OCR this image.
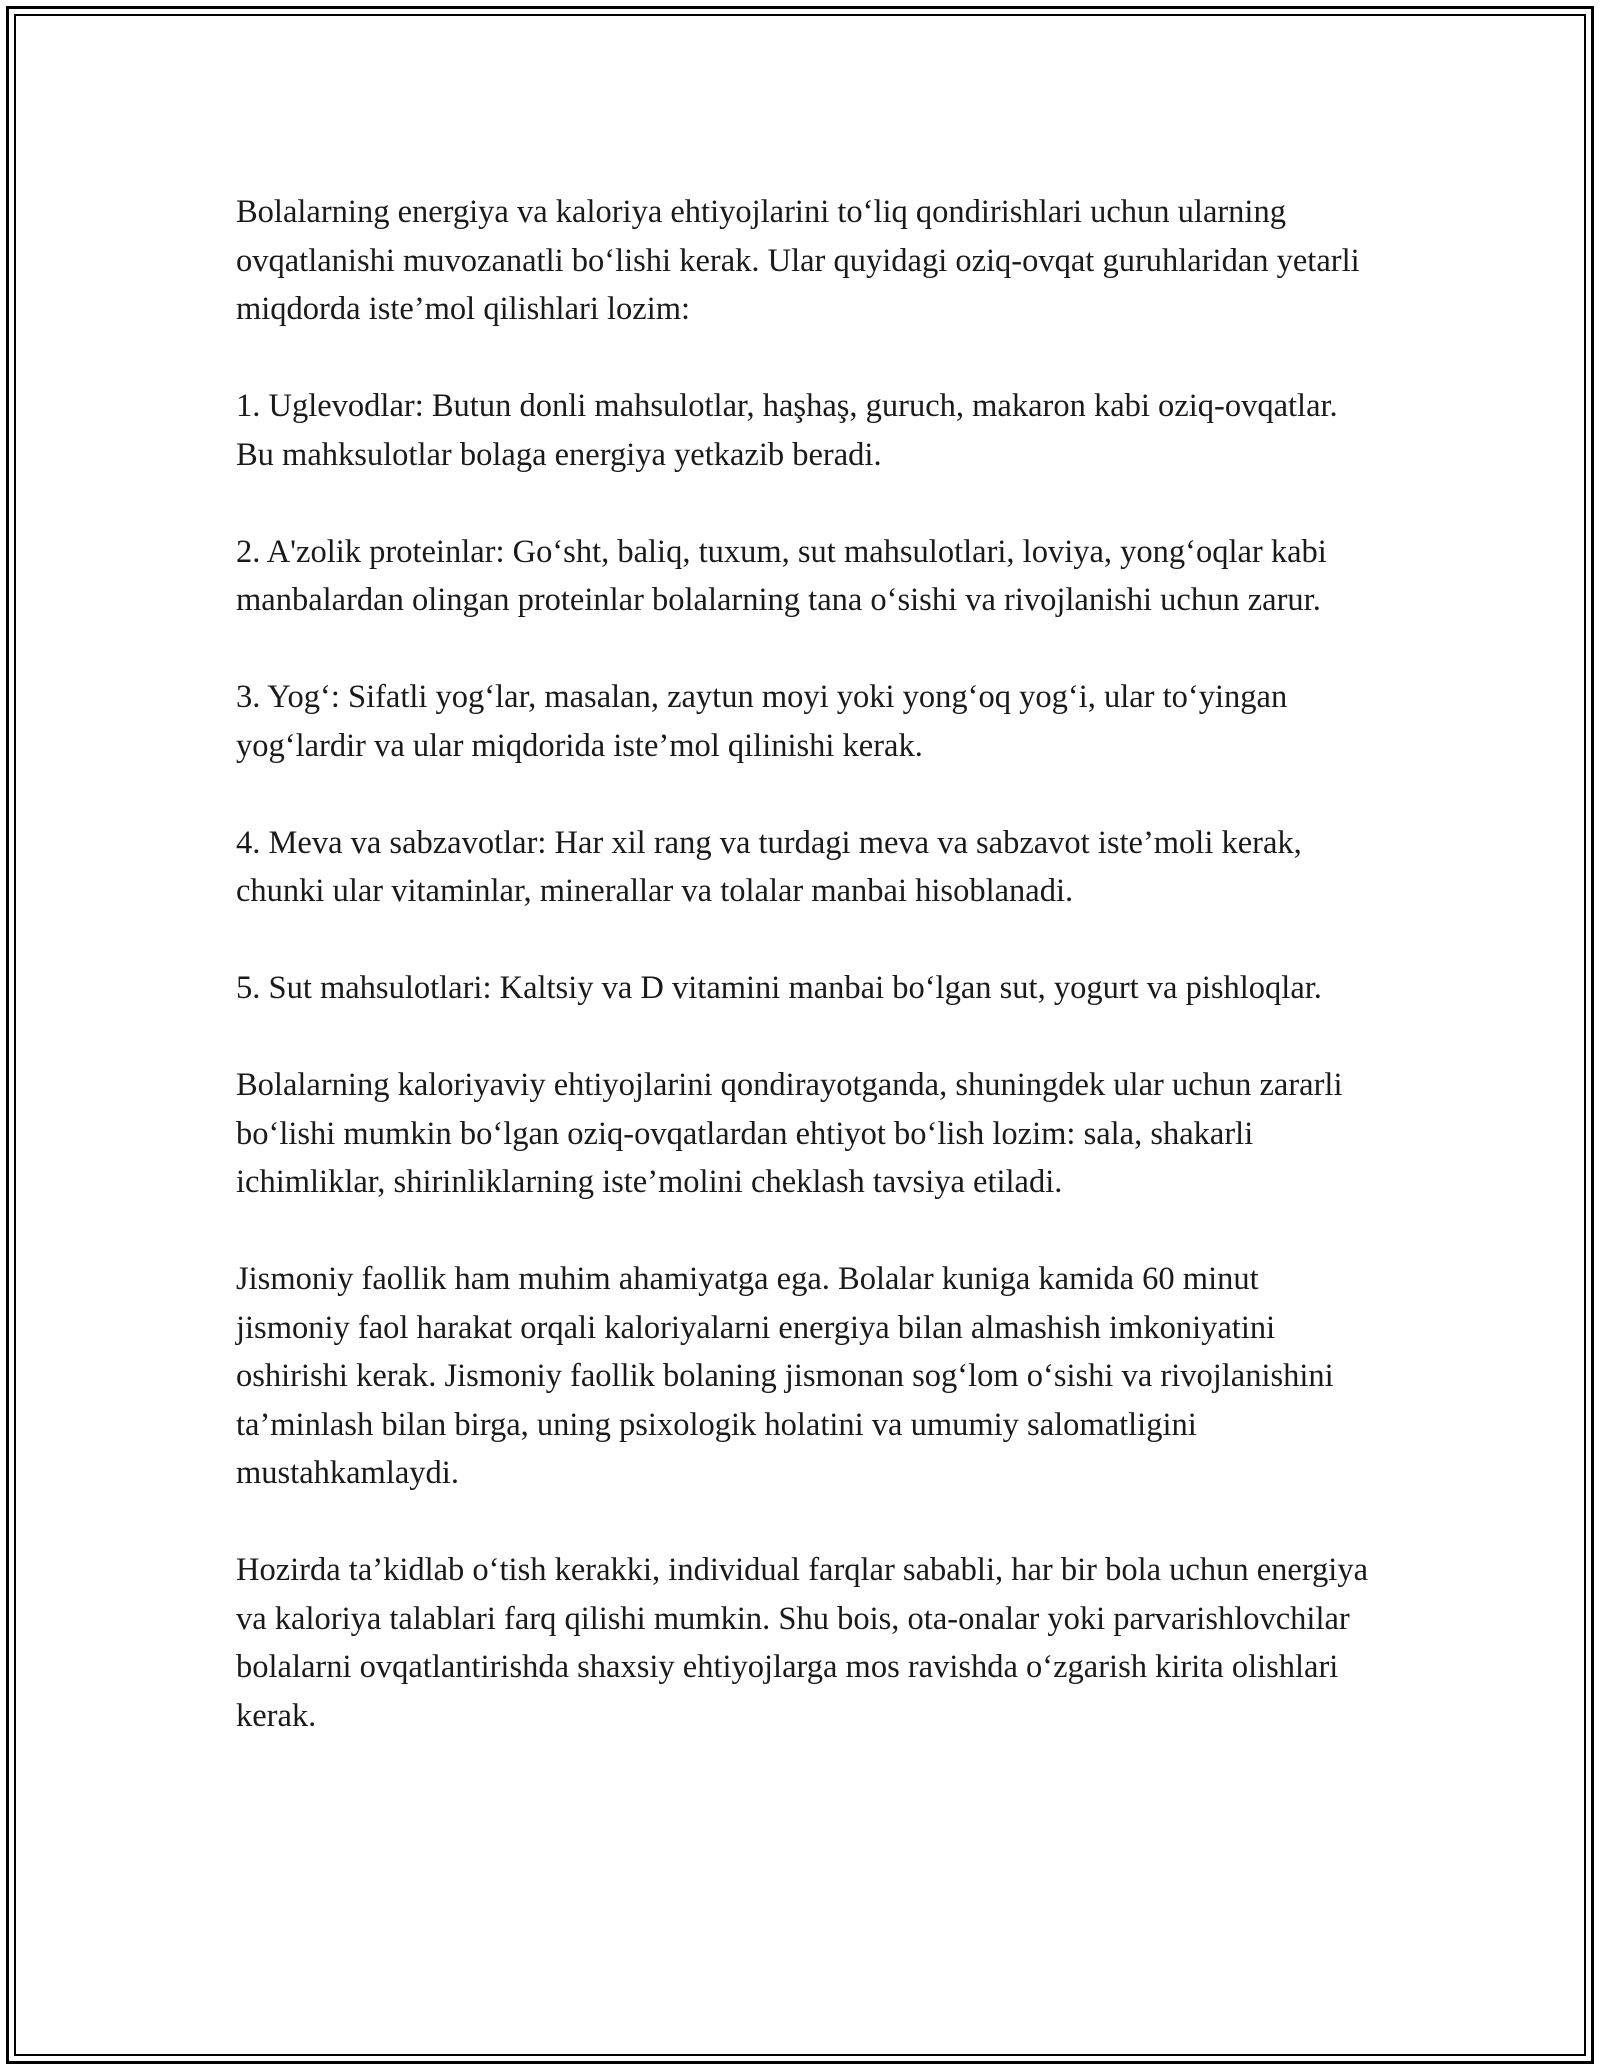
Bolalarning energiya va kaloriya ehtiyojlarini to‘liq qondirishlari uchun ularning ovqatlanishi muvozanatli bo‘lishi kerak. Ular quyidagi oziq-ovqat guruhlaridan yetarli miqdorda iste’mol qilishlari lozim:

1. Uglevodlar: Butun donli mahsulotlar, haşhaş, guruch, makaron kabi oziq-ovqatlar. Bu mahksulotlar bolaga energiya yetkazib beradi.

2. A'zolik proteinlar: Go‘sht, baliq, tuxum, sut mahsulotlari, loviya, yong‘oqlar kabi manbalardan olingan proteinlar bolalarning tana o‘sishi va rivojlanishi uchun zarur.

3. Yog‘: Sifatli yog‘lar, masalan, zaytun moyi yoki yong‘oq yog‘i, ular to‘yingan yog‘lardir va ular miqdorida iste’mol qilinishi kerak.

4. Meva va sabzavotlar: Har xil rang va turdagi meva va sabzavot iste’moli kerak, chunki ular vitaminlar, minerallar va tolalar manbai hisoblanadi.

5. Sut mahsulotlari: Kaltsiy va D vitamini manbai bo‘lgan sut, yogurt va pishloqlar.

Bolalarning kaloriyaviy ehtiyojlarini qondirayotganda, shuningdek ular uchun zararli bo‘lishi mumkin bo‘lgan oziq-ovqatlardan ehtiyot bo‘lish lozim: sala, shakarli ichimliklar, shirinliklarning iste’molini cheklash tavsiya etiladi.

Jismoniy faollik ham muhim ahamiyatga ega. Bolalar kuniga kamida 60 minut jismoniy faol harakat orqali kaloriyalarni energiya bilan almashish imkoniyatini oshirishi kerak. Jismoniy faollik bolaning jismonan sog‘lom o‘sishi va rivojlanishini ta’minlash bilan birga, uning psixologik holatini va umumiy salomatligini mustahkamlaydi.

Hozirda ta’kidlab o‘tish kerakki, individual farqlar sababli, har bir bola uchun energiya va kaloriya talablari farq qilishi mumkin. Shu bois, ota-onalar yoki parvarishlovchilar bolalarni ovqatlantirishda shaxsiy ehtiyojlarga mos ravishda o‘zgarish kirita olishlari kerak.
